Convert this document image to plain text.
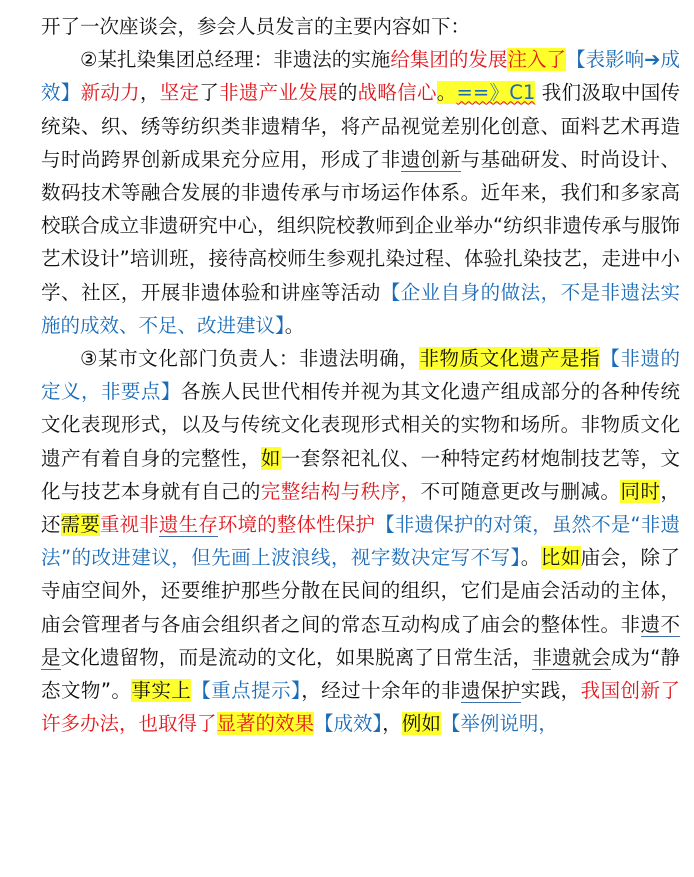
开了一次座谈会，参会人员发言的主要内容如下：

②某扎染集团总经理：非遗法的实施给集团的发展注入了【表影响➔成效】新动力，坚定了非遗产业发展的战略信心。==》C1 我们汲取中国传统染、织、绣等纺织类非遗精华，将产品视觉差别化创意、面料艺术再造与时尚跨界创新成果充分应用，形成了非遗创新与基础研发、时尚设计、数码技术等融合发展的非遗传承与市场运作体系。近年来，我们和多家高校联合成立非遗研究中心，组织院校教师到企业举办“纺织非遗传承与服饰艺术设计”培训班，接待高校师生参观扎染过程、体验扎染技艺，走进中小学、社区，开展非遗体验和讲座等活动【企业自身的做法，不是非遗法实施的成效、不足、改进建议】。

③某市文化部门负责人：非遗法明确，非物质文化遗产是指【非遗的定义，非要点】各族人民世代相传并视为其文化遗产组成部分的各种传统文化表现形式，以及与传统文化表现形式相关的实物和场所。非物质文化遗产有着自身的完整性，如一套祭祀礼仪、一种特定药材炮制技艺等，文化与技艺本身就有自己的完整结构与秩序，不可随意更改与删减。同时，还需要重视非遗生存环境的整体性保护【非遗保护的对策，虽然不是“非遗法”的改进建议，但先画上波浪线，视字数决定写不写】。比如庙会，除了寺庙空间外，还要维护那些分散在民间的组织，它们是庙会活动的主体，庙会管理者与各庙会组织者之间的常态互动构成了庙会的整体性。非遗不是文化遗留物，而是流动的文化，如果脱离了日常生活，非遗就会成为“静态文物”。事实上【重点提示】，经过十余年的非遗保护实践，我国创新了许多办法，也取得了显著的效果【成效】，例如【举例说明，
